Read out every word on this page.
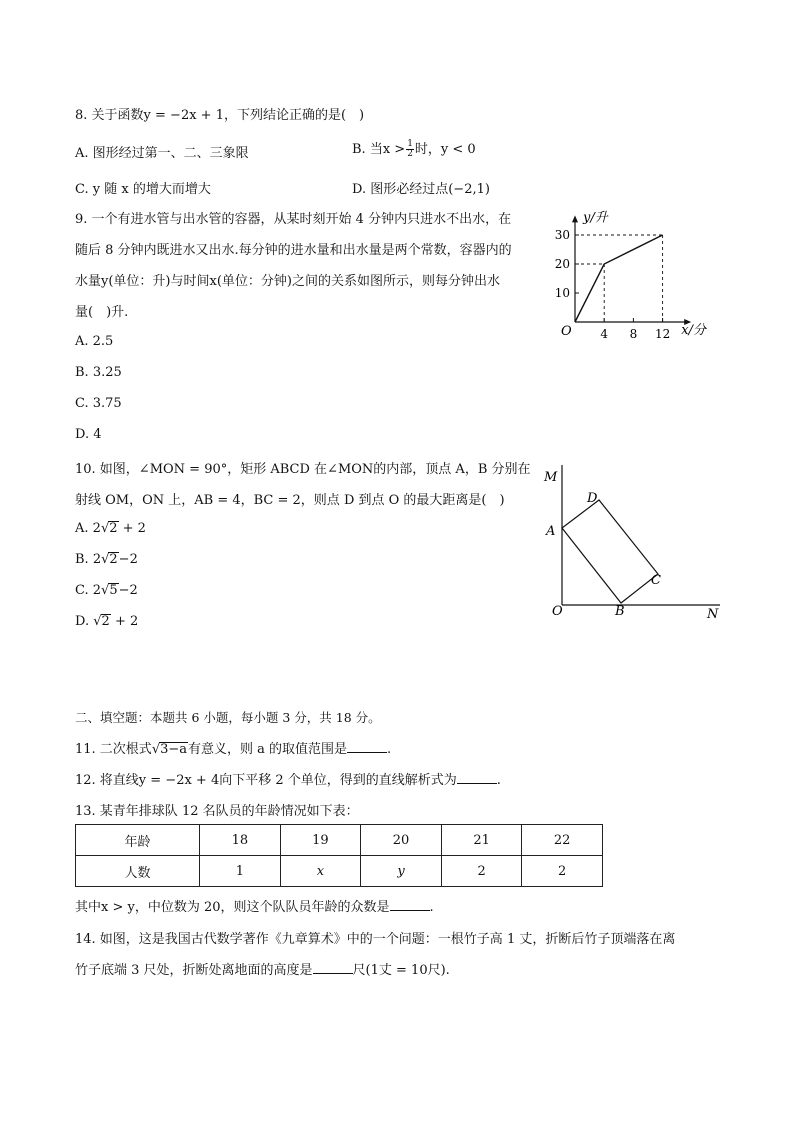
8. 关于函数y = −2x + 1，下列结论正确的是(　)
A. 图形经过第一、二、三象限	B. 当$x > \frac{1}{2}$ 时，y < 0
C. y 随 x 的增大而增大	D. 图形必经过点(−2,1)
9. 一个有进水管与出水管的容器，从某时刻开始 4 分钟内只进水不出水，在
随后 8 分钟内既进水又出水.每分钟的进水量和出水量是两个常数，容器内的
水量y(单位：升)与时间x(单位：分钟)之间的关系如图所示，则每分钟出水
量(　)升.
A. 2.5
B. 3.25
C. 3.75
D. 4
y/升
x/分
O 4 8 12
10
20
30
10. 如图，∠MON = 90°，矩形 ABCD 在∠MON的内部，顶点 A，B 分别在
射线 OM，ON 上，AB = 4，BC = 2，则点 D 到点 O 的最大距离是(　)
A. 2√2 + 2
B. 2√2−2
C. 2√5−2
D. √2 + 2
M
N
O
A
B
C
D
二、填空题：本题共 6 小题，每小题 3 分，共 18 分。
11. 二次根式√3−a有意义，则 a 的取值范围是	.
12. 将直线y = −2x + 4向下平移 2 个单位，得到的直线解析式为	.
13. 某青年排球队 12 名队员的年龄情况如下表：
年龄	18	19	20	21	22
人数	1	x	y	2	2
其中x > y，中位数为 20，则这个队队员年龄的众数是	.
14. 如图，这是我国古代数学著作《九章算术》中的一个问题：一根竹子高 1 丈，折断后竹子顶端落在离
竹子底端 3 尺处，折断处离地面的高度是	尺(1丈 = 10尺).
